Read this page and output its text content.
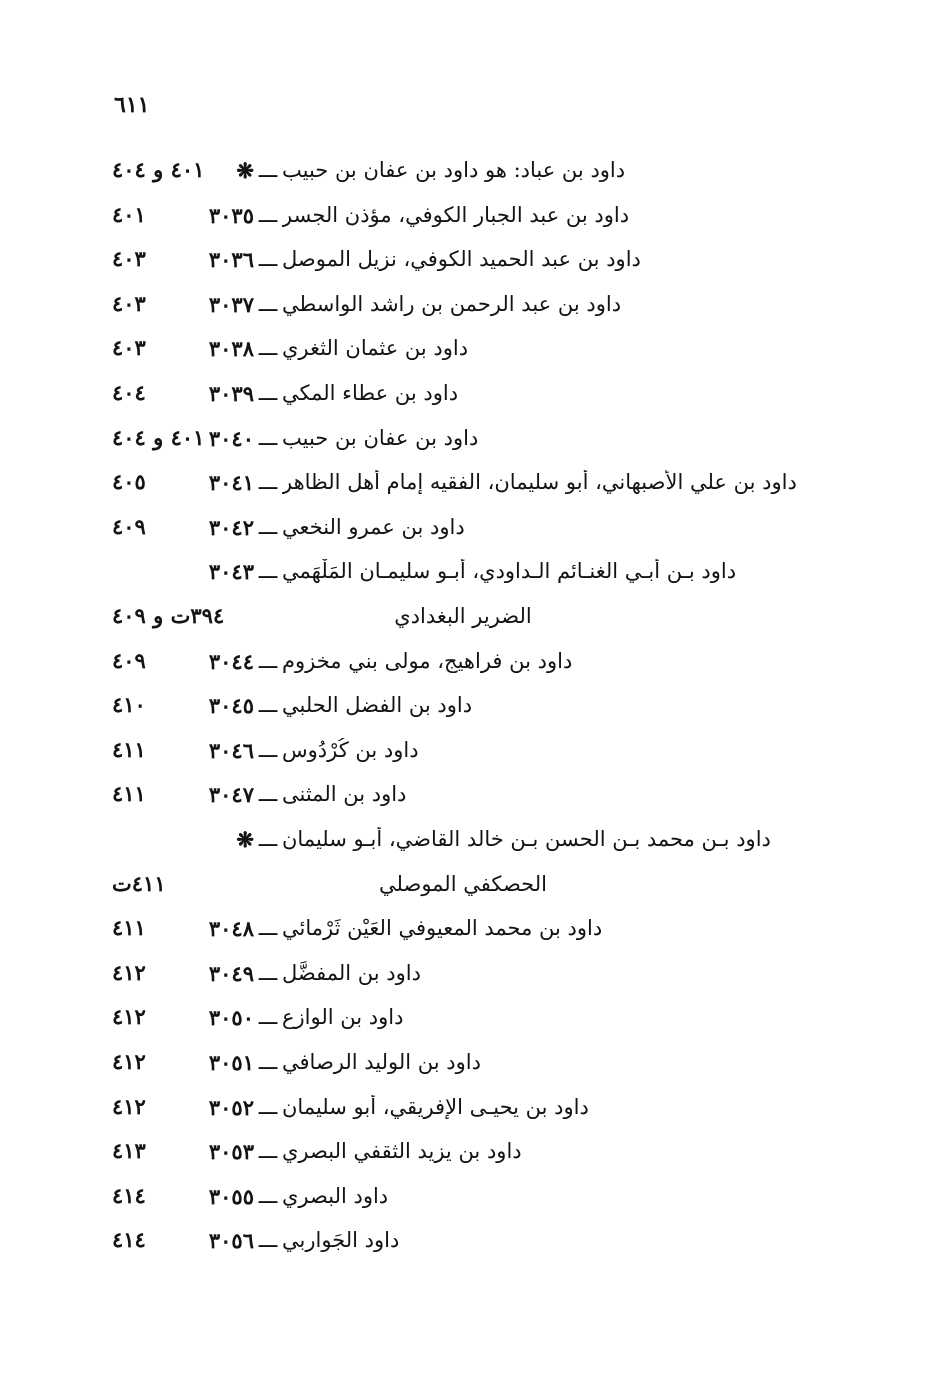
٦١١
❋ ـــ داود بن عباد: هو داود بن عفان بن حبيب
٤٠١ و ٤٠٤
٣٠٣٥ ـــ داود بن عبد الجبار الكوفي، مؤذن الجسر
٤٠١
٣٠٣٦ ـــ داود بن عبد الحميد الكوفي، نزيل الموصل
٤٠٣
٣٠٣٧ ـــ داود بن عبد الرحمن بن راشد الواسطي
٤٠٣
٣٠٣٨ ـــ داود بن عثمان الثغري
٤٠٣
٣٠٣٩ ـــ داود بن عطاء المكي
٤٠٤
٣٠٤٠ ـــ داود بن عفان بن حبيب
٤٠١ و ٤٠٤
٣٠٤١ ـــ داود بن علي الأصبهاني، أبو سليمان، الفقيه إمام أهل الظاهر
٤٠٥
٣٠٤٢ ـــ داود بن عمرو النخعي
٤٠٩
٣٠٤٣ ـــ داود بـن أبـي الغنـائم الـداودي، أبـو سليمـان المَلْهَمي
الضرير البغدادي
٣٩٤ت و ٤٠٩
٣٠٤٤ ـــ داود بن فراهيج، مولى بني مخزوم
٤٠٩
٣٠٤٥ ـــ داود بن الفضل الحلبي
٤١٠
٣٠٤٦ ـــ داود بن كُرْدُوس
٤١١
٣٠٤٧ ـــ داود بن المثنى
٤١١
❋ ـــ داود بـن محمد بـن الحسن بـن خالد القاضي، أبـو سليمان
الحصكفي الموصلي
٤١١ت
٣٠٤٨ ـــ داود بن محمد المعيوفي العَيْن ثَرْمائي
٤١١
٣٠٤٩ ـــ داود بن المفضَّل
٤١٢
٣٠٥٠ ـــ داود بن الوازع
٤١٢
٣٠٥١ ـــ داود بن الوليد الرصافي
٤١٢
٣٠٥٢ ـــ داود بن يحيـى الإفريقي، أبو سليمان
٤١٢
٣٠٥٣ ـــ داود بن يزيد الثقفي البصري
٤١٣
٣٠٥٥ ـــ داود البصري
٤١٤
٣٠٥٦ ـــ داود الجَوارِبي
٤١٤
